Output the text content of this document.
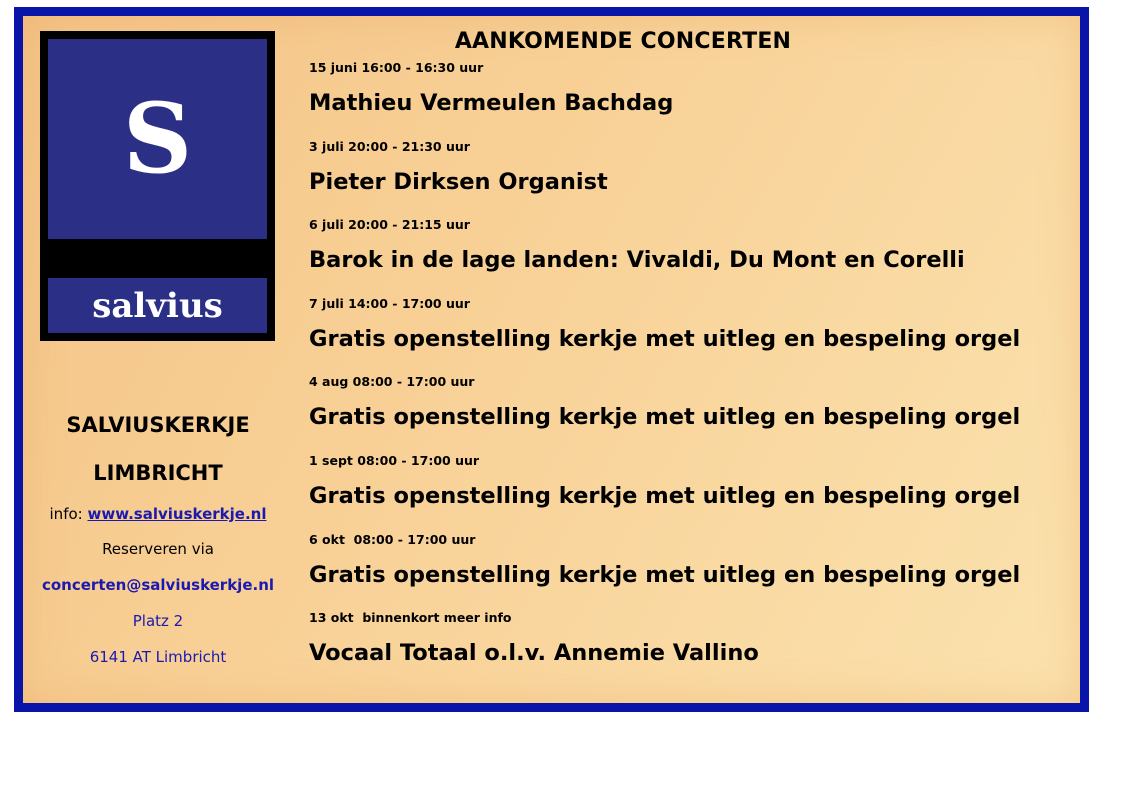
S
salvius
SALVIUSKERKJE
LIMBRICHT
info: www.salviuskerkje.nl
Reserveren via
concerten@salviuskerkje.nl
Platz 2
6141 AT Limbricht
AANKOMENDE CONCERTEN
15 juni 16:00 - 16:30 uur
Mathieu Vermeulen Bachdag
3 juli 20:00 - 21:30 uur
Pieter Dirksen Organist
6 juli 20:00 - 21:15 uur
Barok in de lage landen: Vivaldi, Du Mont en Corelli
7 juli 14:00 - 17:00 uur
Gratis openstelling kerkje met uitleg en bespeling orgel
4 aug 08:00 - 17:00 uur
Gratis openstelling kerkje met uitleg en bespeling orgel
1 sept 08:00 - 17:00 uur
Gratis openstelling kerkje met uitleg en bespeling orgel
6 okt  08:00 - 17:00 uur
Gratis openstelling kerkje met uitleg en bespeling orgel
13 okt  binnenkort meer info
Vocaal Totaal o.l.v. Annemie Vallino
